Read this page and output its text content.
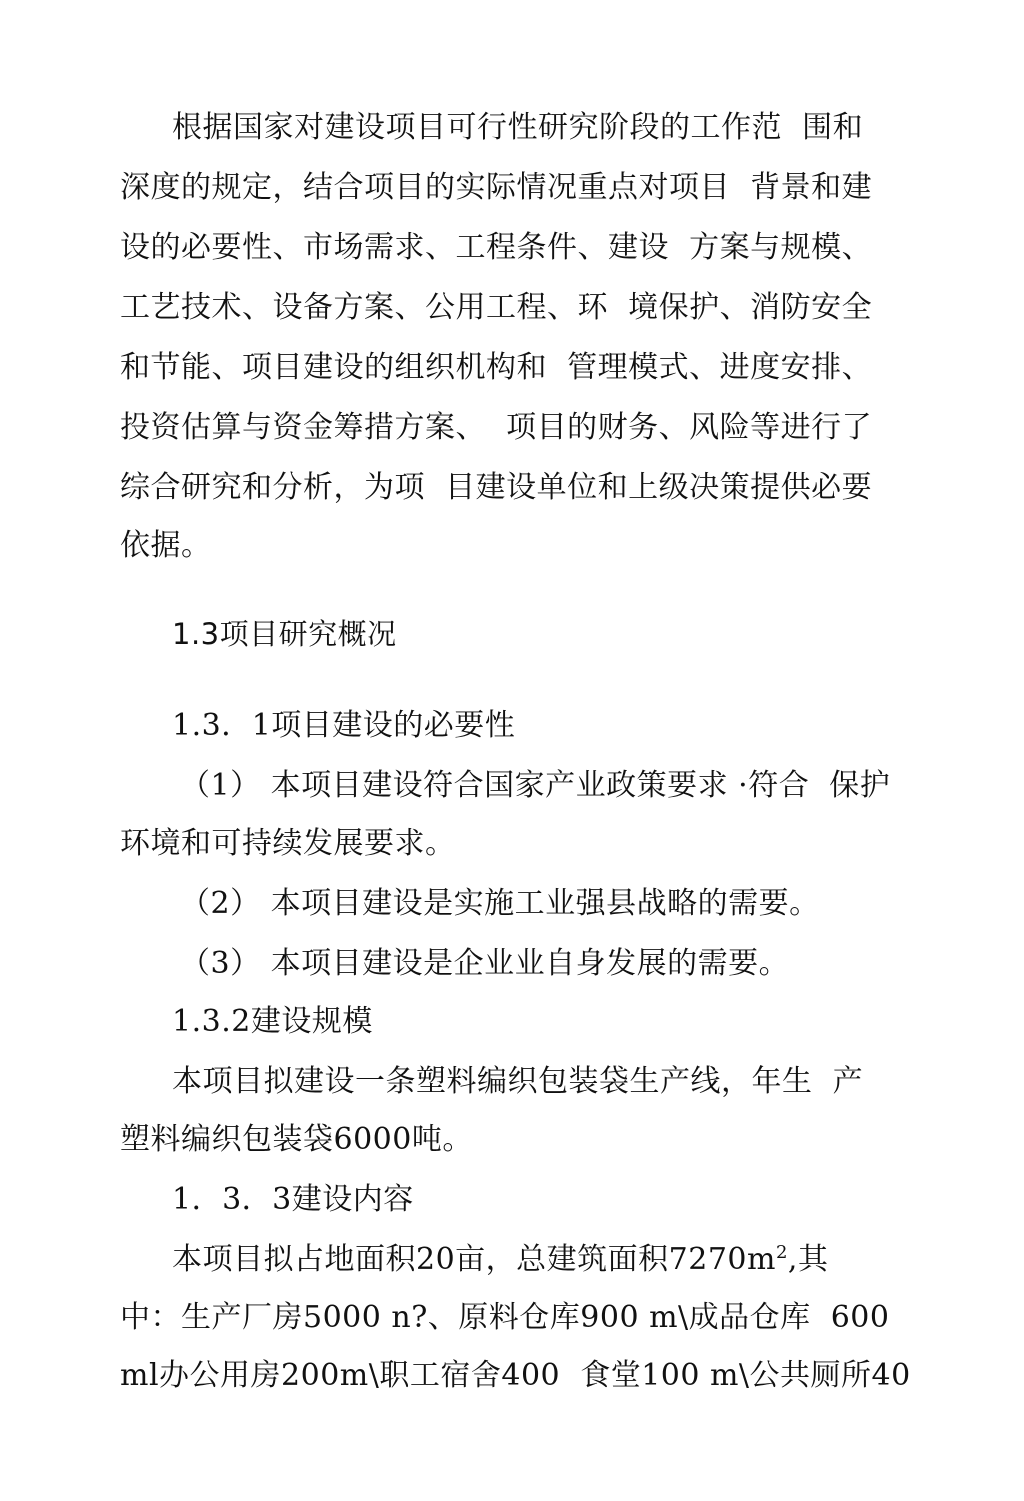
根据国家对建设项目可行性研究阶段的工作范  围和
深度的规定，结合项目的实际情况重点对项目  背景和建
设的必要性、市场需求、工程条件、建设  方案与规模、
工艺技术、设备方案、公用工程、环  境保护、消防安全
和节能、项目建设的组织机构和  管理模式、进度安排、
投资估算与资金筹措方案、  项目的财务、风险等进行了
综合研究和分析，为项  目建设单位和上级决策提供必要
依据。
1.3项目研究概况
1.3．1项目建设的必要性
（1） 本项目建设符合国家产业政策要求 ·符合  保护
环境和可持续发展要求。
（2） 本项目建设是实施工业强县战略的需要。
（3） 本项目建设是企业业自身发展的需要。
1.3.2建设规模
本项目拟建设一条塑料编织包装袋生产线，年生  产
塑料编织包装袋6000吨。
1．3．3建设内容
本项目拟占地面积20亩，总建筑面积$7270m^2$,其
中：生产厂房5000 n?、原料仓库900 m\成品仓库  600
ml办公用房200m\职工宿舍400  食堂100 m\公共厕所40
